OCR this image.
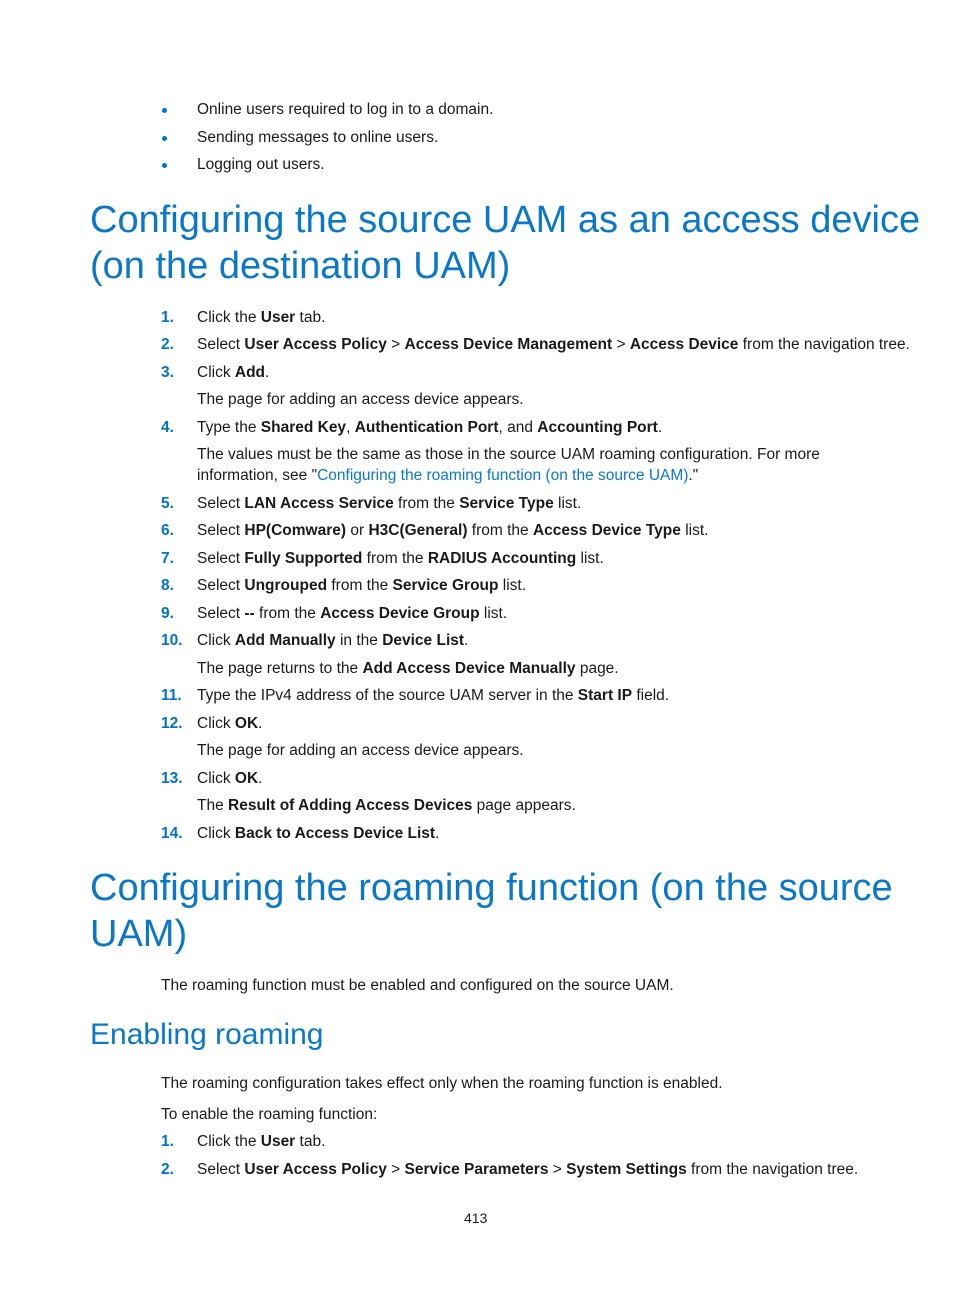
Online users required to log in to a domain.
Sending messages to online users.
Logging out users.
Configuring the source UAM as an access device
(on the destination UAM)
1. Click the User tab.
2. Select User Access Policy > Access Device Management > Access Device from the navigation tree.
3. Click Add.
The page for adding an access device appears.
4. Type the Shared Key, Authentication Port, and Accounting Port.
The values must be the same as those in the source UAM roaming configuration. For more
information, see "Configuring the roaming function (on the source UAM)."
5. Select LAN Access Service from the Service Type list.
6. Select HP(Comware) or H3C(General) from the Access Device Type list.
7. Select Fully Supported from the RADIUS Accounting list.
8. Select Ungrouped from the Service Group list.
9. Select -- from the Access Device Group list.
10. Click Add Manually in the Device List.
The page returns to the Add Access Device Manually page.
11. Type the IPv4 address of the source UAM server in the Start IP field.
12. Click OK.
The page for adding an access device appears.
13. Click OK.
The Result of Adding Access Devices page appears.
14. Click Back to Access Device List.
Configuring the roaming function (on the source
UAM)
The roaming function must be enabled and configured on the source UAM.
Enabling roaming
The roaming configuration takes effect only when the roaming function is enabled.
To enable the roaming function:
1. Click the User tab.
2. Select User Access Policy > Service Parameters > System Settings from the navigation tree.
413
